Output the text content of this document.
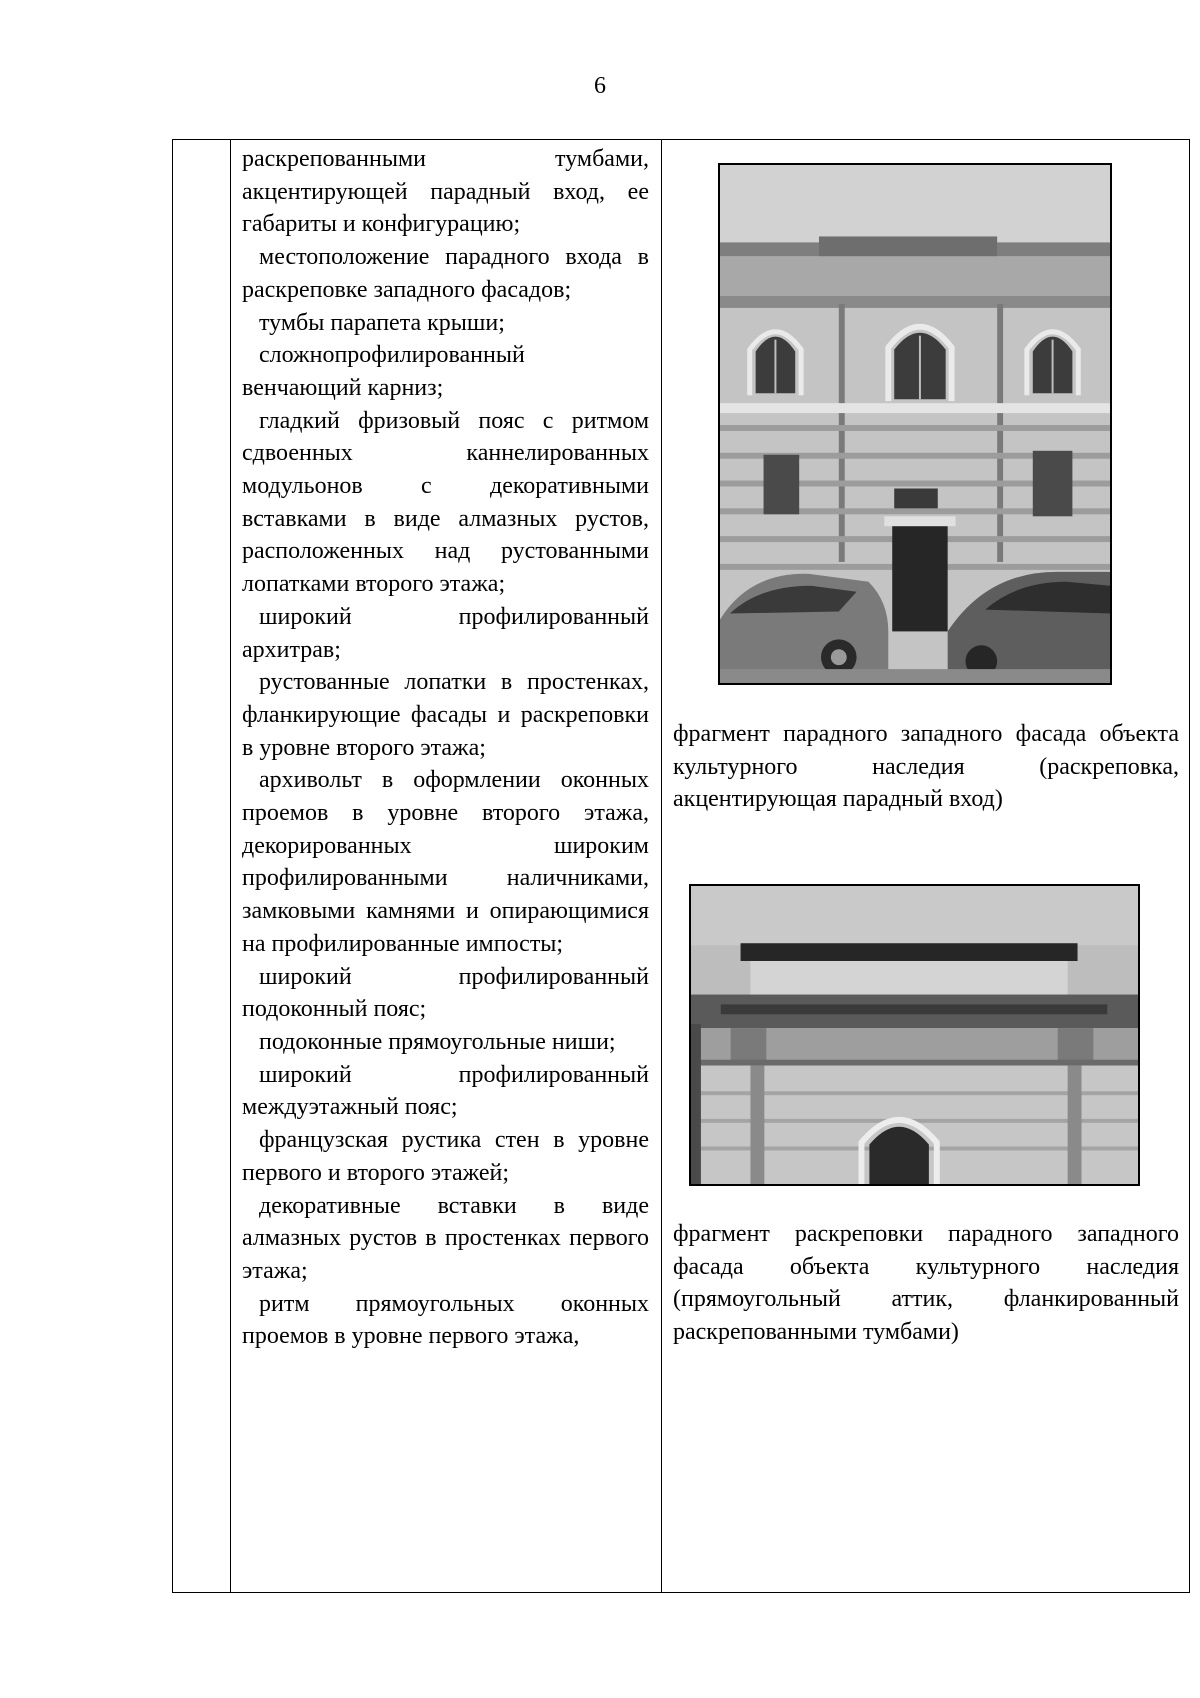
6

раскрепованными тумбами, акцентирующей парадный вход, ее габариты и конфигурацию;

местоположение парадного входа в раскреповке западного фасадов;

тумбы парапета крыши;

сложнопрофилированный венчающий карниз;

гладкий фризовый пояс с ритмом сдвоенных каннелированных модульонов с декоративными вставками в виде алмазных рустов, расположенных над рустованными лопатками второго этажа;

широкий профилированный архитрав;

рустованные лопатки в простенках, фланкирующие фасады и раскреповки в уровне второго этажа;

архивольт в оформлении оконных проемов в уровне второго этажа, декорированных широким профилированными наличниками, замковыми камнями и опирающимися на профилированные импосты;

широкий профилированный подоконный пояс;

подоконные прямоугольные ниши;

широкий профилированный междуэтажный пояс;

французская рустика стен в уровне первого и второго этажей;

декоративные вставки в виде алмазных рустов в простенках первого этажа;

ритм прямоугольных оконных проемов в уровне первого этажа,

фрагмент парадного западного фасада объекта культурного наследия (раскреповка, акцентирующая парадный вход)
фрагмент раскреповки парадного западного фасада объекта культурного наследия (прямоугольный аттик, фланкированный раскрепованными тумбами)
